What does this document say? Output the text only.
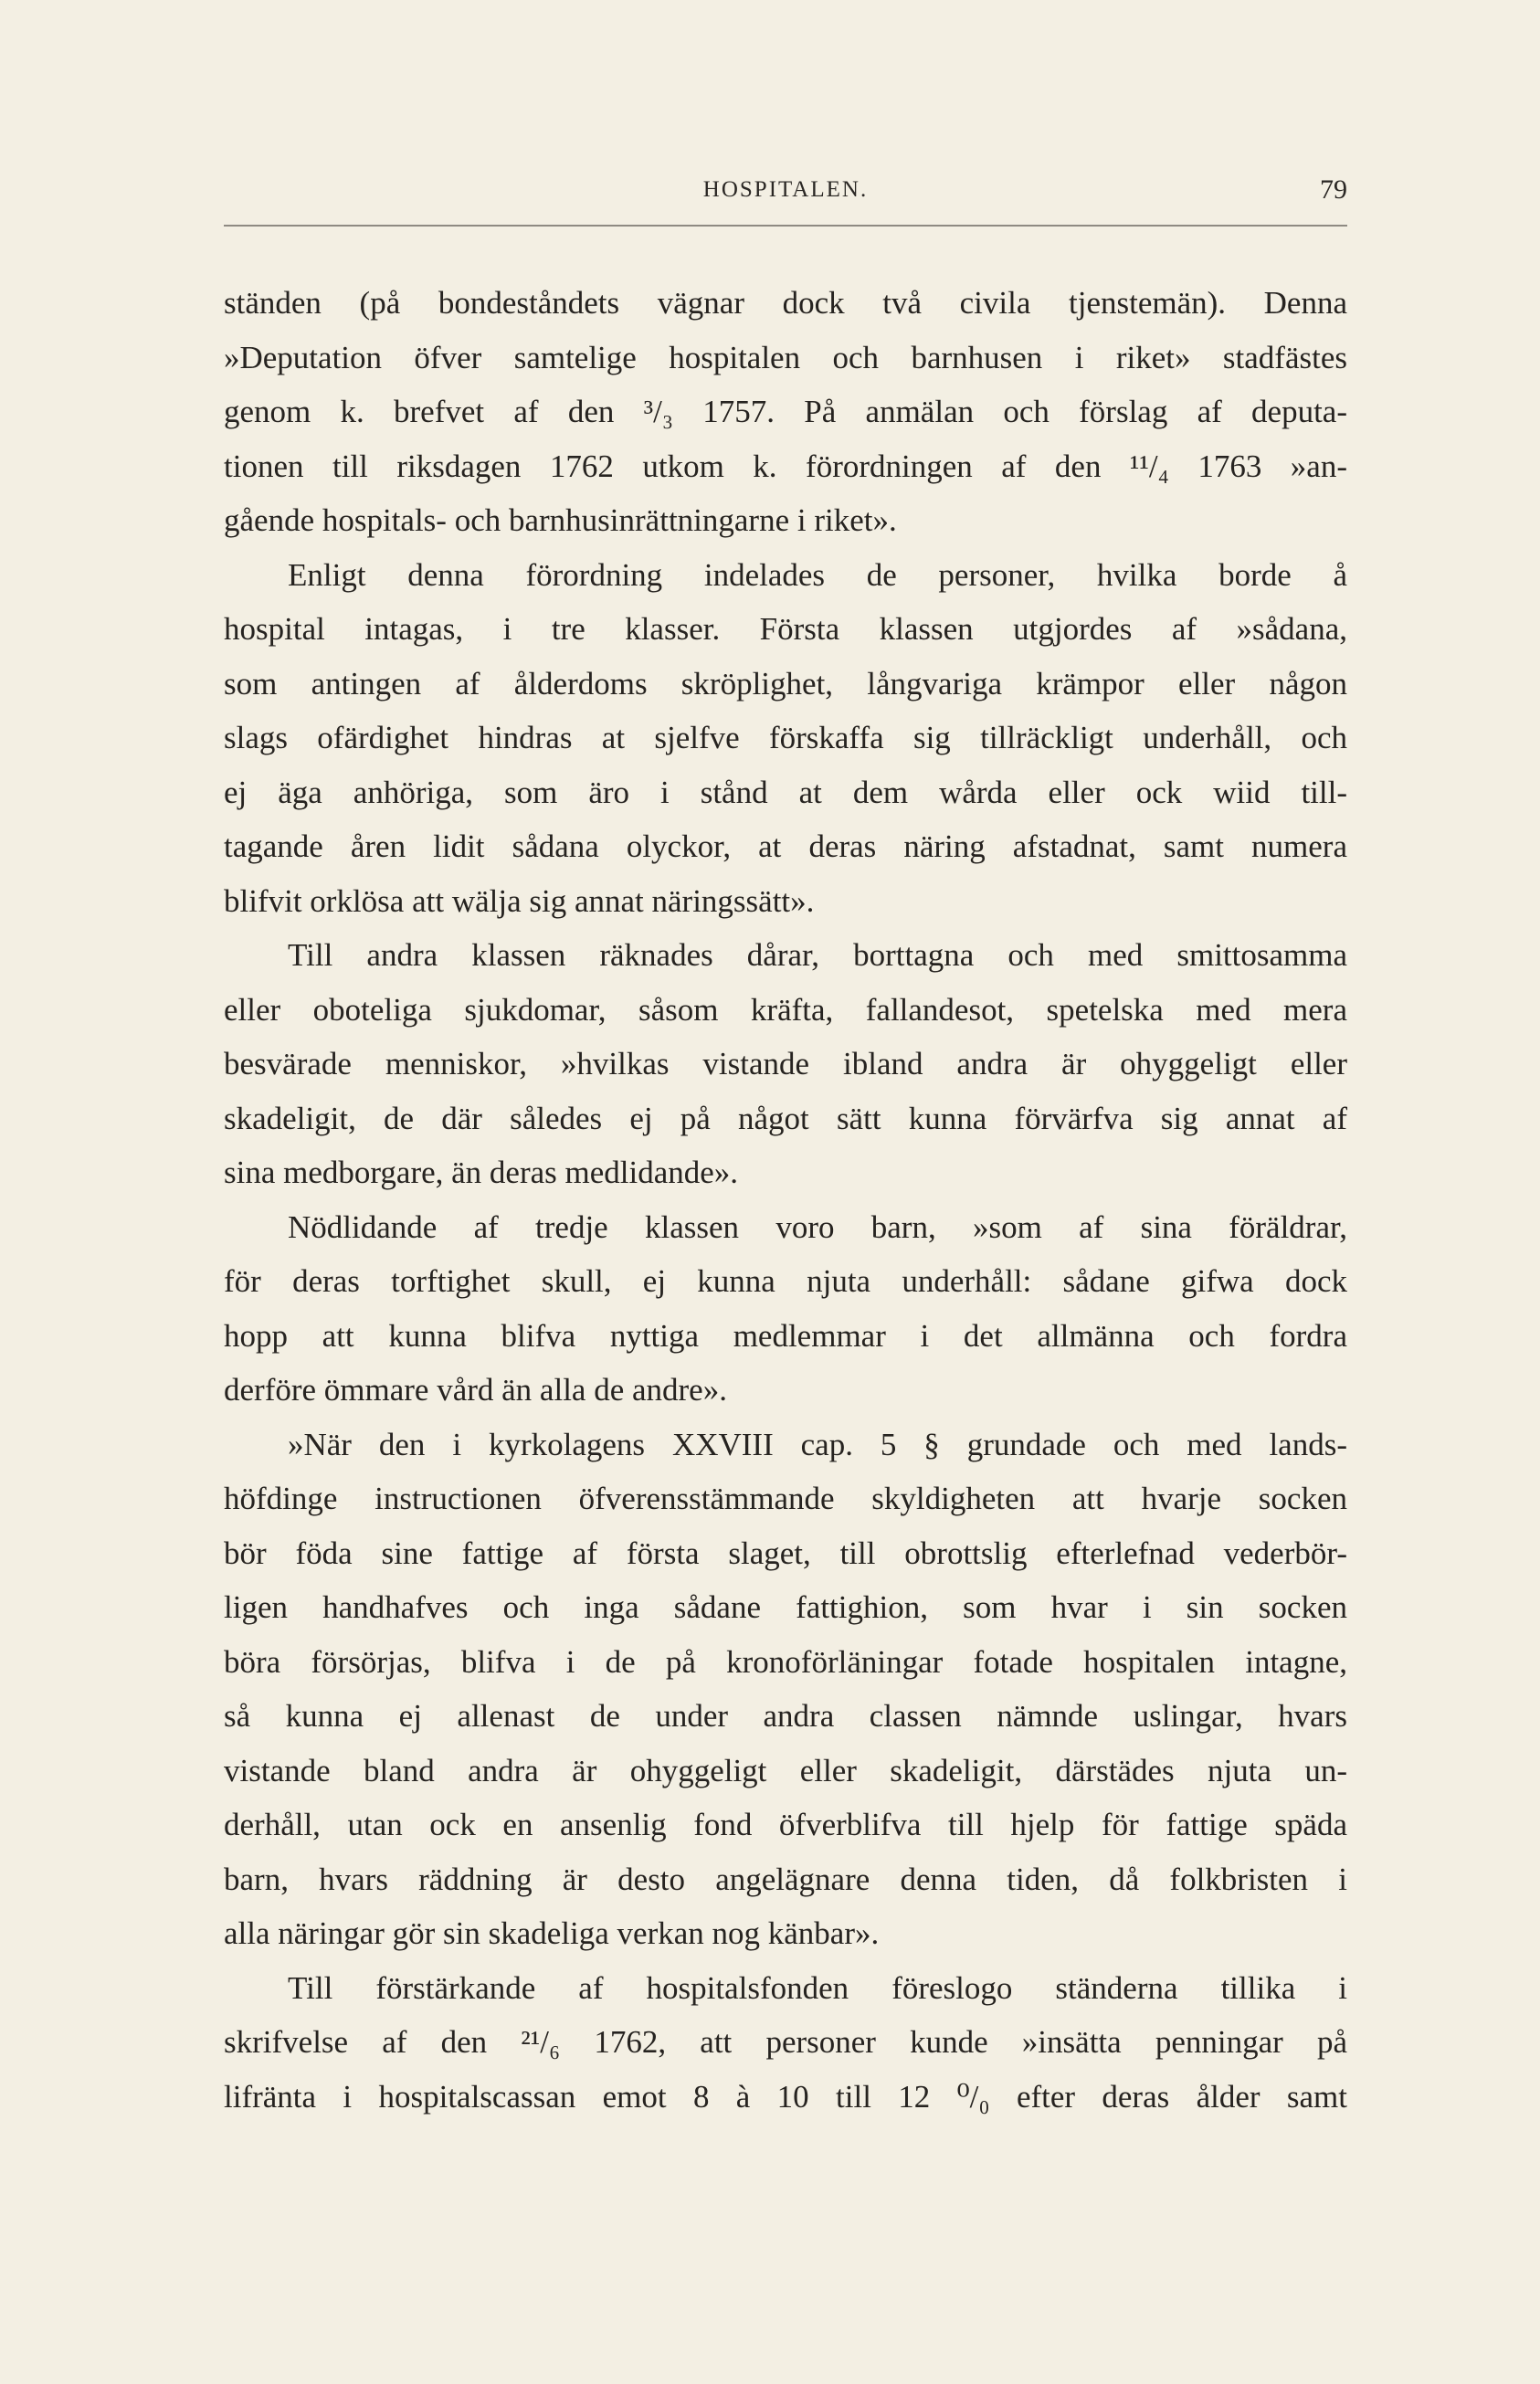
HOSPITALEN.	79
ständen (på bondeståndets vägnar dock två civila tjenstemän). Denna
»Deputation öfver samtelige hospitalen och barnhusen i riket» stadfästes
genom k. brefvet af den ³/₃ 1757. På anmälan och förslag af deputa-
tionen till riksdagen 1762 utkom k. förordningen af den ¹¹/₄ 1763 »an-
gående hospitals- och barnhusinrättningarne i riket».
Enligt denna förordning indelades de personer, hvilka borde å
hospital intagas, i tre klasser. Första klassen utgjordes af »sådana,
som antingen af ålderdoms skröplighet, långvariga krämpor eller någon
slags ofärdighet hindras at sjelfve förskaffa sig tillräckligt underhåll, och
ej äga anhöriga, som äro i stånd at dem wårda eller ock wiid till-
tagande åren lidit sådana olyckor, at deras näring afstadnat, samt numera
blifvit orklösa att wälja sig annat näringssätt».
Till andra klassen räknades dårar, borttagna och med smittosamma
eller oboteliga sjukdomar, såsom kräfta, fallandesot, spetelska med mera
besvärade menniskor, »hvilkas vistande ibland andra är ohyggeligt eller
skadeligit, de där således ej på något sätt kunna förvärfva sig annat af
sina medborgare, än deras medlidande».
Nödlidande af tredje klassen voro barn, »som af sina föräldrar,
för deras torftighet skull, ej kunna njuta underhåll: sådane gifwa dock
hopp att kunna blifva nyttiga medlemmar i det allmänna och fordra
derföre ömmare vård än alla de andre».
»När den i kyrkolagens XXVIII cap. 5 § grundade och med lands-
höfdinge instructionen öfverensstämmande skyldigheten att hvarje socken
bör föda sine fattige af första slaget, till obrottslig efterlefnad vederbör-
ligen handhafves och inga sådane fattighion, som hvar i sin socken
böra försörjas, blifva i de på kronoförläningar fotade hospitalen intagne,
så kunna ej allenast de under andra classen nämnde uslingar, hvars
vistande bland andra är ohyggeligt eller skadeligit, därstädes njuta un-
derhåll, utan ock en ansenlig fond öfverblifva till hjelp för fattige späda
barn, hvars räddning är desto angelägnare denna tiden, då folkbristen i
alla näringar gör sin skadeliga verkan nog känbar».
Till förstärkande af hospitalsfonden föreslogo ständerna tillika i
skrifvelse af den ²¹/₆ 1762, att personer kunde »insätta penningar på
lifränta i hospitalscassan emot 8 à 10 till 12 ⁰/₀ efter deras ålder samt
